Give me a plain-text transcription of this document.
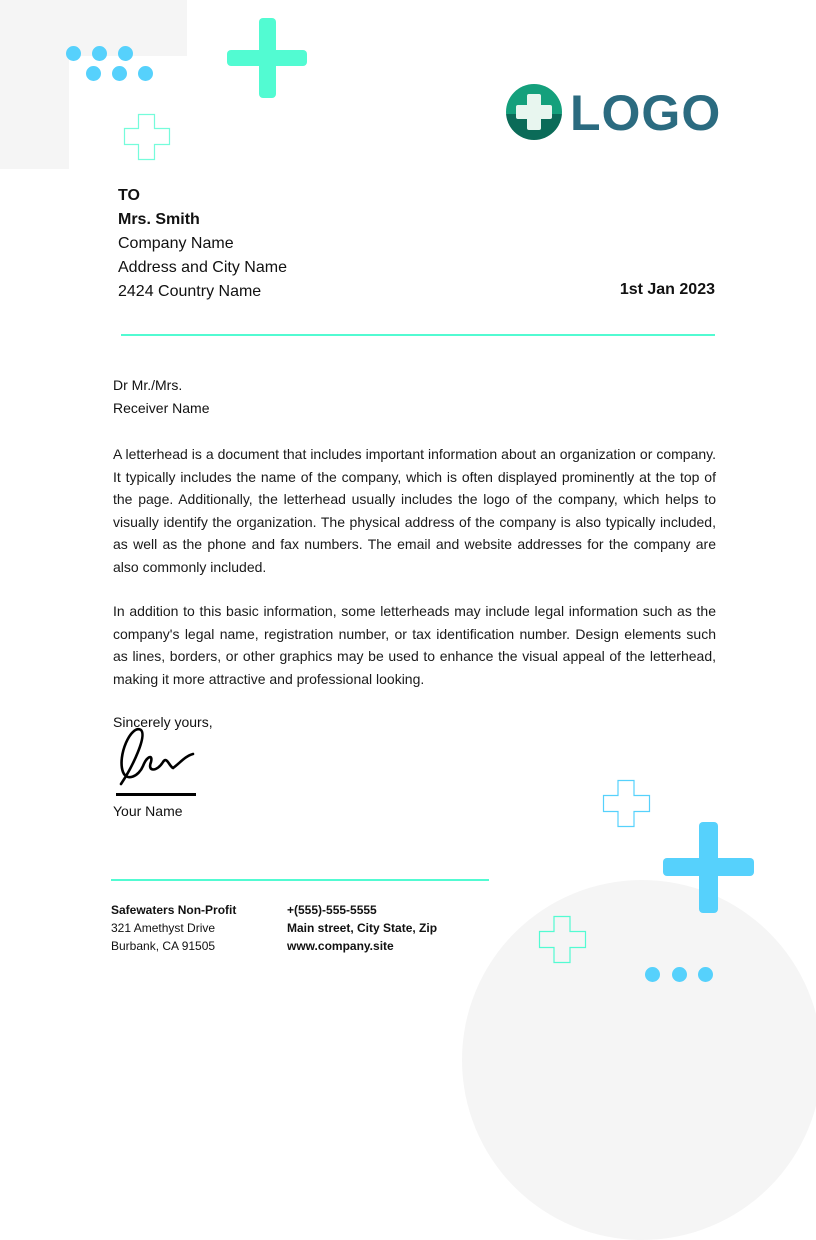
LOGO
TO
Mrs. Smith
Company Name
Address and City Name
2424 Country Name	1st Jan 2023
Dr Mr./Mrs.
Receiver Name
A letterhead is a document that includes important information about an organization or company. It typically includes the name of the company, which is often displayed prominently at the top of the page. Additionally, the letterhead usually includes the logo of the company, which helps to visually identify the organization. The physical address of the company is also typically included, as well as the phone and fax numbers. The email and website addresses for the company are also commonly included.
In addition to this basic information, some letterheads may include legal information such as the company's legal name, registration number, or tax identification number. Design elements such as lines, borders, or other graphics may be used to enhance the visual appeal of the letterhead, making it more attractive and professional looking.
Sincerely yours,
Your Name
Safewaters Non-Profit
321 Amethyst Drive
Burbank, CA 91505
+(555)-555-5555
Main street, City State, Zip
www.company.site
